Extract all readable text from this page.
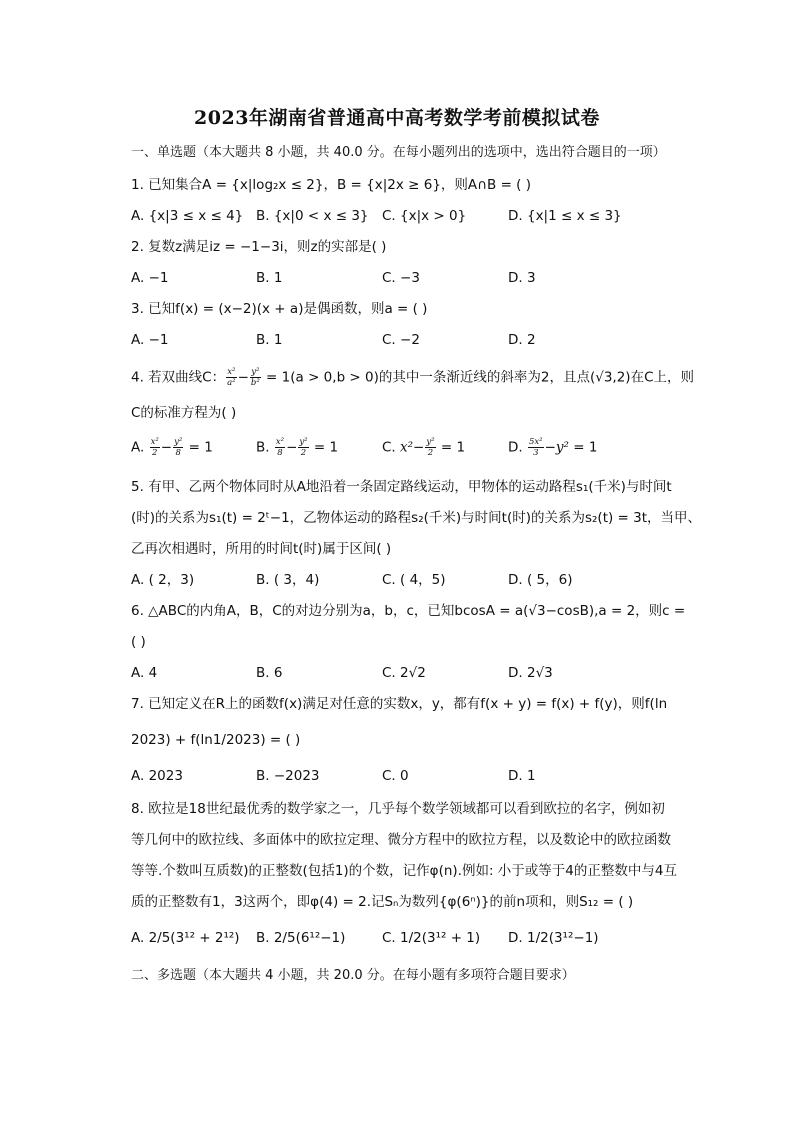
2023年湖南省普通高中高考数学考前模拟试卷
一、单选题（本大题共 8 小题，共 40.0 分。在每小题列出的选项中，选出符合题目的一项）
1. 已知集合A = {x|log₂x ≤ 2}，B = {x|2x ≥ 6}，则A∩B = ( )
A. {x|3 ≤ x ≤ 4} B. {x|0 < x ≤ 3} C. {x|x > 0}	D. {x|1 ≤ x ≤ 3}
2. 复数z满足iz = −1−3i，则z的实部是( )
A. −1	B. 1	C. −3	D. 3
3. 已知f(x) = (x−2)(x + a)是偶函数，则a = ( )
A. −1	B. 1	C. −2	D. 2
4. 若双曲线C： $\frac{\text{x²}}{\text{a²}} - \frac{\text{y²}}{\text{b²}} = 1(a > 0,b > 0)$的其中一条渐近线的斜率为2，且点(√3,2)在C上，则
C的标准方程为( )
A. $\frac{\text{x²}}{2} - \frac{\text{y²}}{8} = 1$	B. $\frac{\text{x²}}{8} - \frac{\text{y²}}{2} = 1$	C. $x^2- \frac{\text{y²}}{2} = 1$	D. $\frac{\text{5x²}}{3} -y^2 = 1$
5. 有甲、乙两个物体同时从A地沿着一条固定路线运动，甲物体的运动路程s₁(千米)与时间t
(时)的关系为s₁(t) = 2ᵗ−1，乙物体运动的路程s₂(千米)与时间t(时)的关系为s₂(t) = 3t，当甲、
乙再次相遇时，所用的时间t(时)属于区间( )
A. ( 2，3)	B. ( 3，4)	C. ( 4，5)	D. ( 5，6)
6. △ABC的内角A，B，C的对边分别为a，b，c，已知bcosA = a(√3−cosB),a = 2，则c =
( )
A. 4	B. 6	C. 2√2	D. 2√3
7. 已知定义在R上的函数f(x)满足对任意的实数x，y，都有f(x + y) = f(x) + f(y)，则f(ln
2023) + f(ln1/2023) = ( )
A. 2023	B. −2023	C. 0	D. 1
8. 欧拉是18世纪最优秀的数学家之一，几乎每个数学领域都可以看到欧拉的名字，例如初
等几何中的欧拉线、多面体中的欧拉定理、微分方程中的欧拉方程，以及数论中的欧拉函数
等等.个数叫互质数)的正整数(包括1)的个数，记作φ(n).例如: 小于或等于4的正整数中与4互
质的正整数有1，3这两个，即φ(4) = 2.记Sₙ为数列{φ(6ⁿ)}的前n项和，则S₁₂ = ( )
A. 2/5(3¹² + 2¹²) B. 2/5(6¹²−1)	C. 1/2(3¹² + 1) D. 1/2(3¹²−1)
二、多选题（本大题共 4 小题，共 20.0 分。在每小题有多项符合题目要求）
